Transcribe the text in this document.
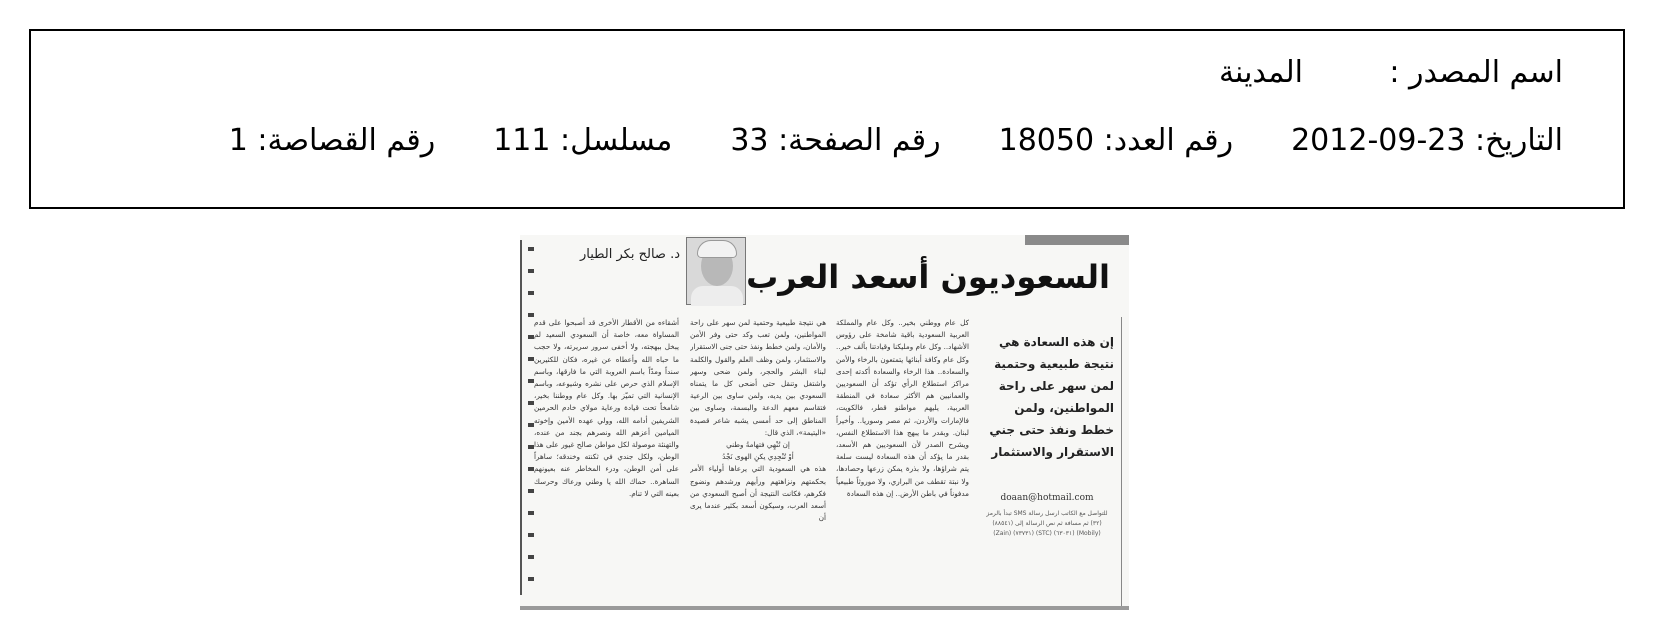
اسم المصدر :المدينة
التاريخ: 23-09-2012رقم العدد: 18050رقم الصفحة: 33مسلسل: 111رقم القصاصة: 1
د. صالح بكر الطيار
السعوديون أسعد العرب

أشقاءه من الأقطار الأخرى قد أصبحوا على قدم المساواة معه، خاصة أن السعودي السعيد لم يبخل ببهجته، ولا أخفى سرور سريرته، ولا حجب ما حباه الله وأعطاه عن غيره، فكان للكثيرين سنداً ومدّاً باسم العروبة التي ما فارقها، وباسم الإسلام الذي حرص على نشره وشيوعه، وباسم الإنسانية التي تميّز بها. وكل عام ووطننا بخير، شامخاً تحت قيادة ورعاية مولاي خادم الحرمين الشريفين أدامه الله، وولي عهده الأمين وإخوته الميامين أعزهم الله ونصرهم بجند من عنده، والتهنئة موصولة لكل مواطن صالح غيور على هذا الوطن، ولكل جندي في ثكنته وخندقه؛ ساهراً على أمن الوطن، ودرء المخاطر عنه بعيونهم الساهرة.. حماك الله يا وطني ورعاك وحرسك بعينه التي لا تنام.

هي نتيجة طبيعية وحتمية لمن سهر على راحة المواطنين، ولمن تعب وكد حتى وفر الأمن والأمان، ولمن خطط ونفذ حتى جنى الاستقرار والاستثمار، ولمن وظف العلم والقول والكلمة لبناء البشر والحجر، ولمن ضحى وسهر واشتغل وتنقل حتى أضحى كل ما يتمناه السعودي بين يديه، ولمن ساوى بين الرعية فتقاسم معهم الدعة والبسمة، وساوى بين المناطق إلى حد أمسى يشبه شاعر قصيدة «اليتيمة»، الذي قال:

إن تُنْهِي فتهامةُ وطني

أوْ تُنْجِدِي يكنِ الهوى نَجْدُ

هذه هي السعودية التي يرعاها أولياء الأمر بحكمتهم ونزاهتهم ورأيهم ورشدهم ونضوج فكرهم، فكانت النتيجة أن أصبح السعودي من أسعد العرب، وسيكون أسعد بكثير عندما يرى أن

كل عام ووطني بخير.. وكل عام والمملكة العربية السعودية باقية شامخة على رؤوس الأشهاد.. وكل عام ومليكنا وقيادتنا بألف خير.. وكل عام وكافة أبنائها يتمتعون بالرخاء والأمن والسعادة.. هذا الرخاء والسعادة أكدته إحدى مراكز استطلاع الرأي تؤكد أن السعوديين والعمانيين هم الأكثر سعادة في المنطقة العربية، يليهم مواطنو قطر، فالكويت، فالإمارات والأردن، ثم مصر وسوريا.. وأخيراً لبنان. وبقدر ما يبهج هذا الاستطلاع النفس، ويشرح الصدر لأن السعوديين هم الأسعد، بقدر ما يؤكد أن هذه السعادة ليست سلعة يتم شراؤها، ولا بذرة يمكن زرعها وحصادها، ولا نبتة تقطف من البراري، ولا موروثاً طبيعياً مدفوناً في باطن الأرض.. إن هذه السعادة

إن هذه السعادة هي نتيجة طبيعية وحتمية لمن سهر على راحة المواطنين، ولمن خطط ونفذ حتى جني الاستقرار والاستثمار
doaan@hotmail.com
للتواصل مع الكاتب ارسل رسالة SMS تبدأ بالرمز (٣٢) ثم مسافة ثم نص الرسالة إلى (٨٨٥٤١) (Mobily) (٦٣٠٣١) (STC) (٧٣٧٣١) (Zain)
